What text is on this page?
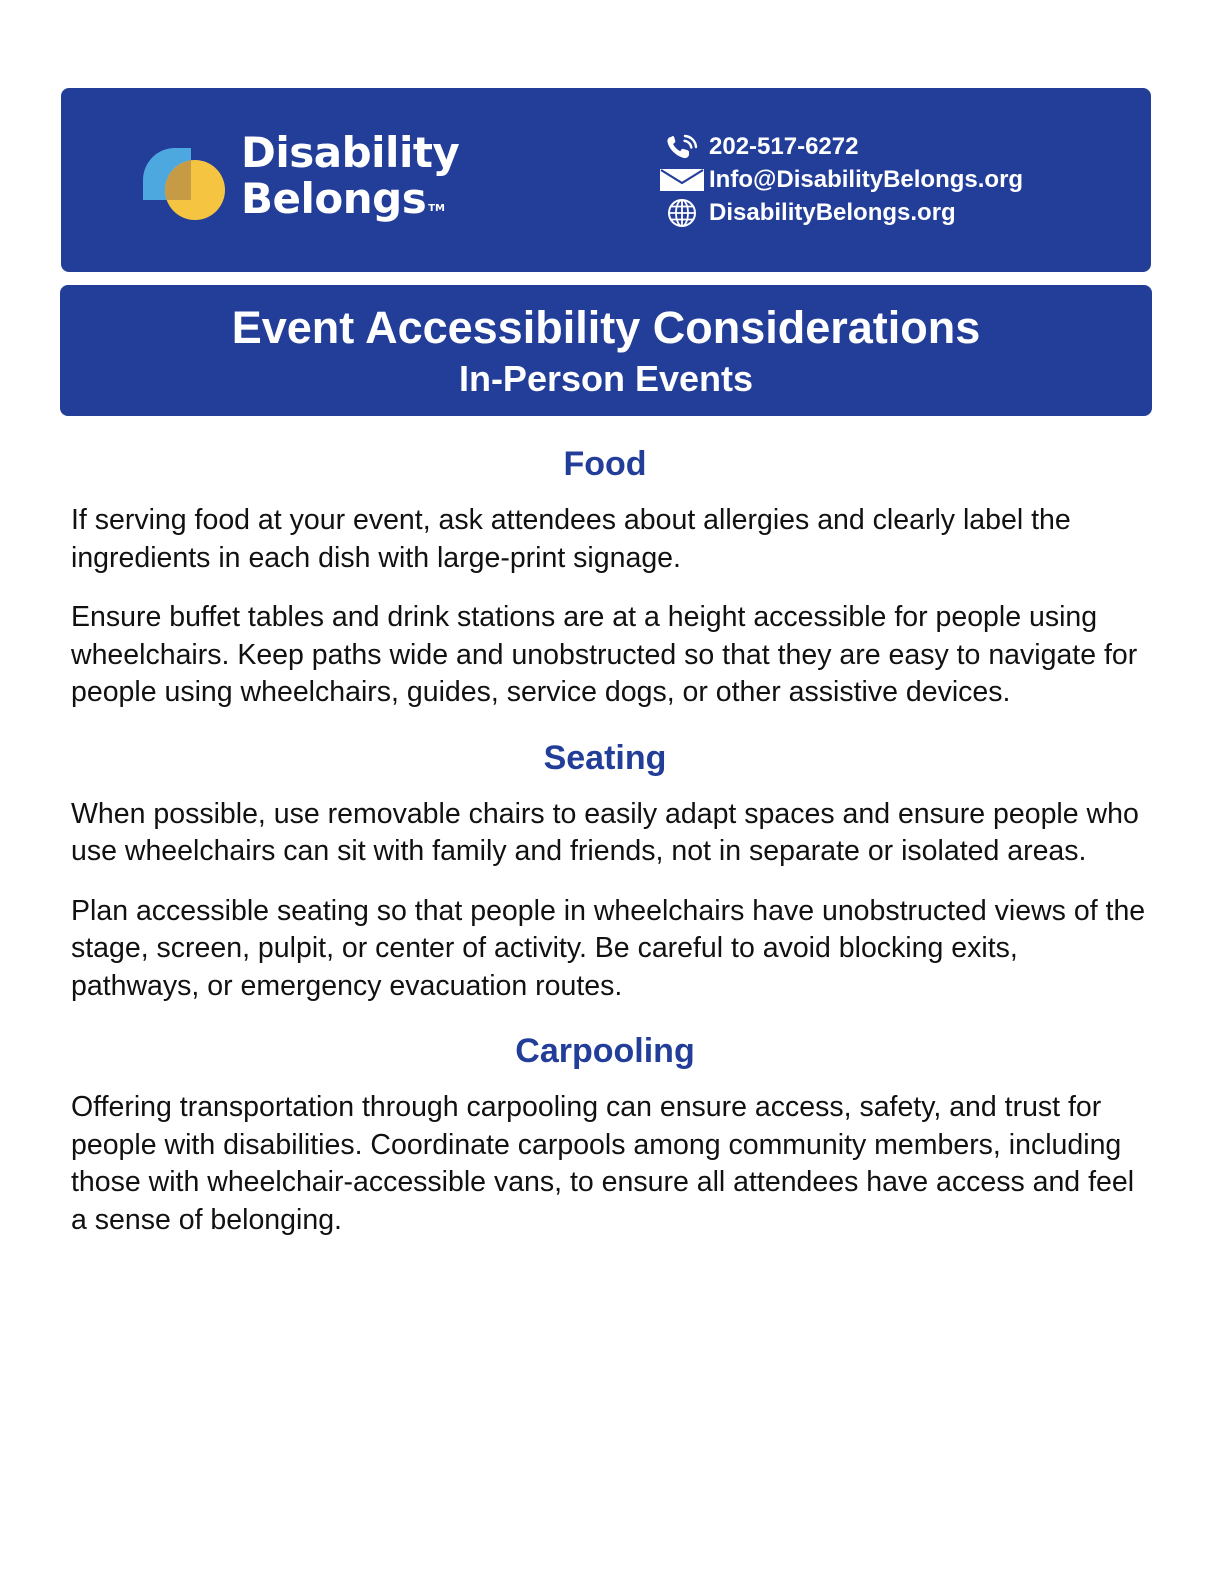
Disability
Belongs ™
202-517-6272
Info@DisabilityBelongs.org
DisabilityBelongs.org
Event Accessibility Considerations
In-Person Events
Food

If serving food at your event, ask attendees about allergies and clearly label the ingredients in each dish with large-print signage.

Ensure buffet tables and drink stations are at a height accessible for people using wheelchairs. Keep paths wide and unobstructed so that they are easy to navigate for people using wheelchairs, guides, service dogs, or other assistive devices.

Seating

When possible, use removable chairs to easily adapt spaces and ensure people who use wheelchairs can sit with family and friends, not in separate or isolated areas.

Plan accessible seating so that people in wheelchairs have unobstructed views of the stage, screen, pulpit, or center of activity. Be careful to avoid blocking exits, pathways, or emergency evacuation routes.

Carpooling

Offering transportation through carpooling can ensure access, safety, and trust for people with disabilities. Coordinate carpools among community members, including those with wheelchair-accessible vans, to ensure all attendees have access and feel a sense of belonging.
